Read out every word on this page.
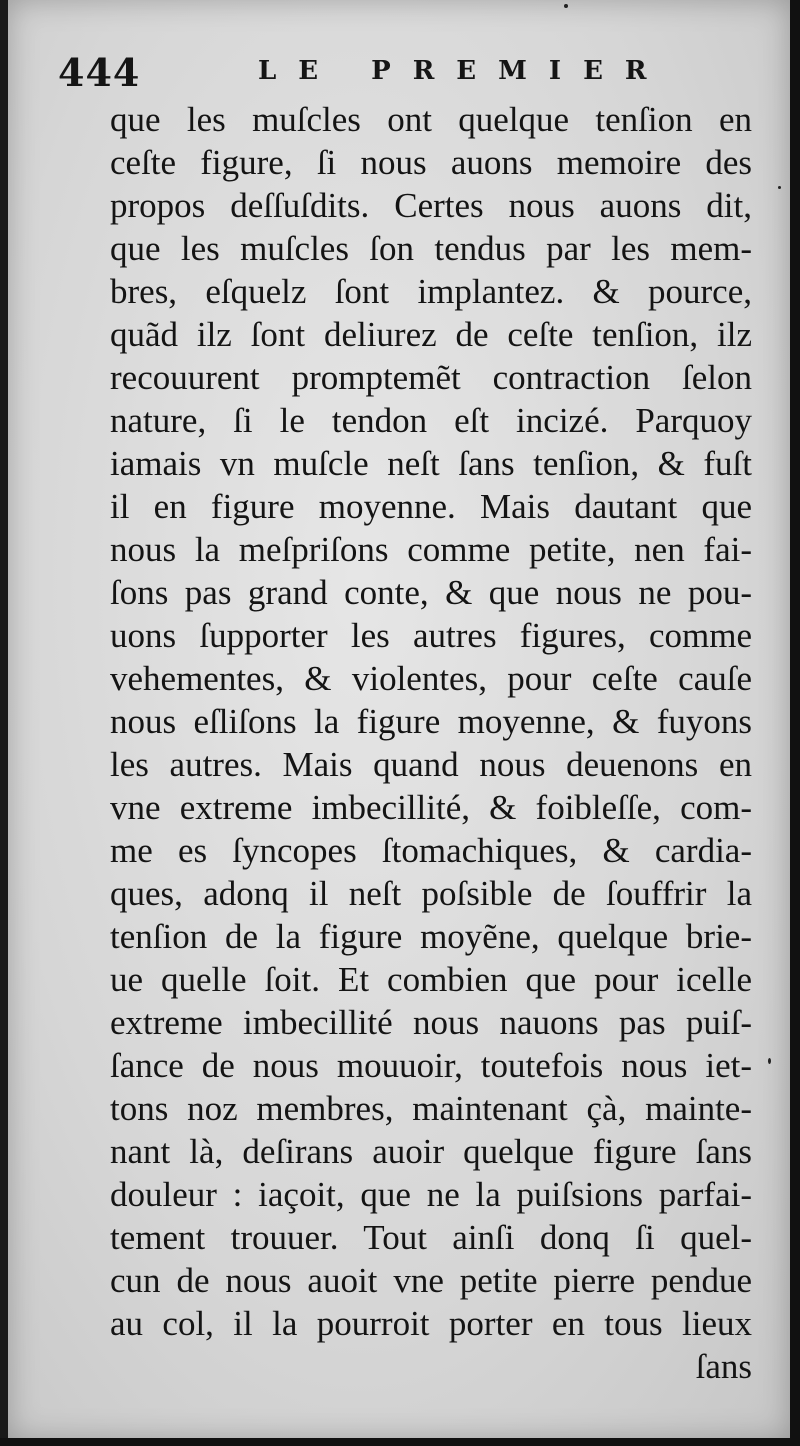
444	LE PREMIER
que les muſcles ont quelque tenſion en
ceſte figure, ſi nous auons memoire des
propos deſſuſdits. Certes nous auons dit,
que les muſcles ſon tendus par les mem-
bres, eſquelz ſont implantez. & pource,
quãd ilz ſont deliurez de ceſte tenſion, ilz
recouurent promptemẽt contraction ſelon
nature, ſi le tendon eſt incizé. Parquoy
iamais vn muſcle neſt ſans tenſion, & fuſt
il en figure moyenne. Mais dautant que
nous la meſpriſons comme petite, nen fai-
ſons pas grand conte, & que nous ne pou-
uons ſupporter les autres figures, comme
vehementes, & violentes, pour ceſte cauſe
nous eſliſons la figure moyenne, & fuyons
les autres. Mais quand nous deuenons en
vne extreme imbecillité, & foibleſſe, com-
me es ſyncopes ſtomachiques, & cardia-
ques, adonq il neſt poſsible de ſouffrir la
tenſion de la figure moyẽne, quelque brie-
ue quelle ſoit. Et combien que pour icelle
extreme imbecillité nous nauons pas puiſ-
ſance de nous mouuoir, toutefois nous iet-
tons noz membres, maintenant çà, mainte-
nant là, deſirans auoir quelque figure ſans
douleur : iaçoit, que ne la puiſsions parfai-
tement trouuer. Tout ainſi donq ſi quel-
cun de nous auoit vne petite pierre pendue
au col, il la pourroit porter en tous lieux
ſans
